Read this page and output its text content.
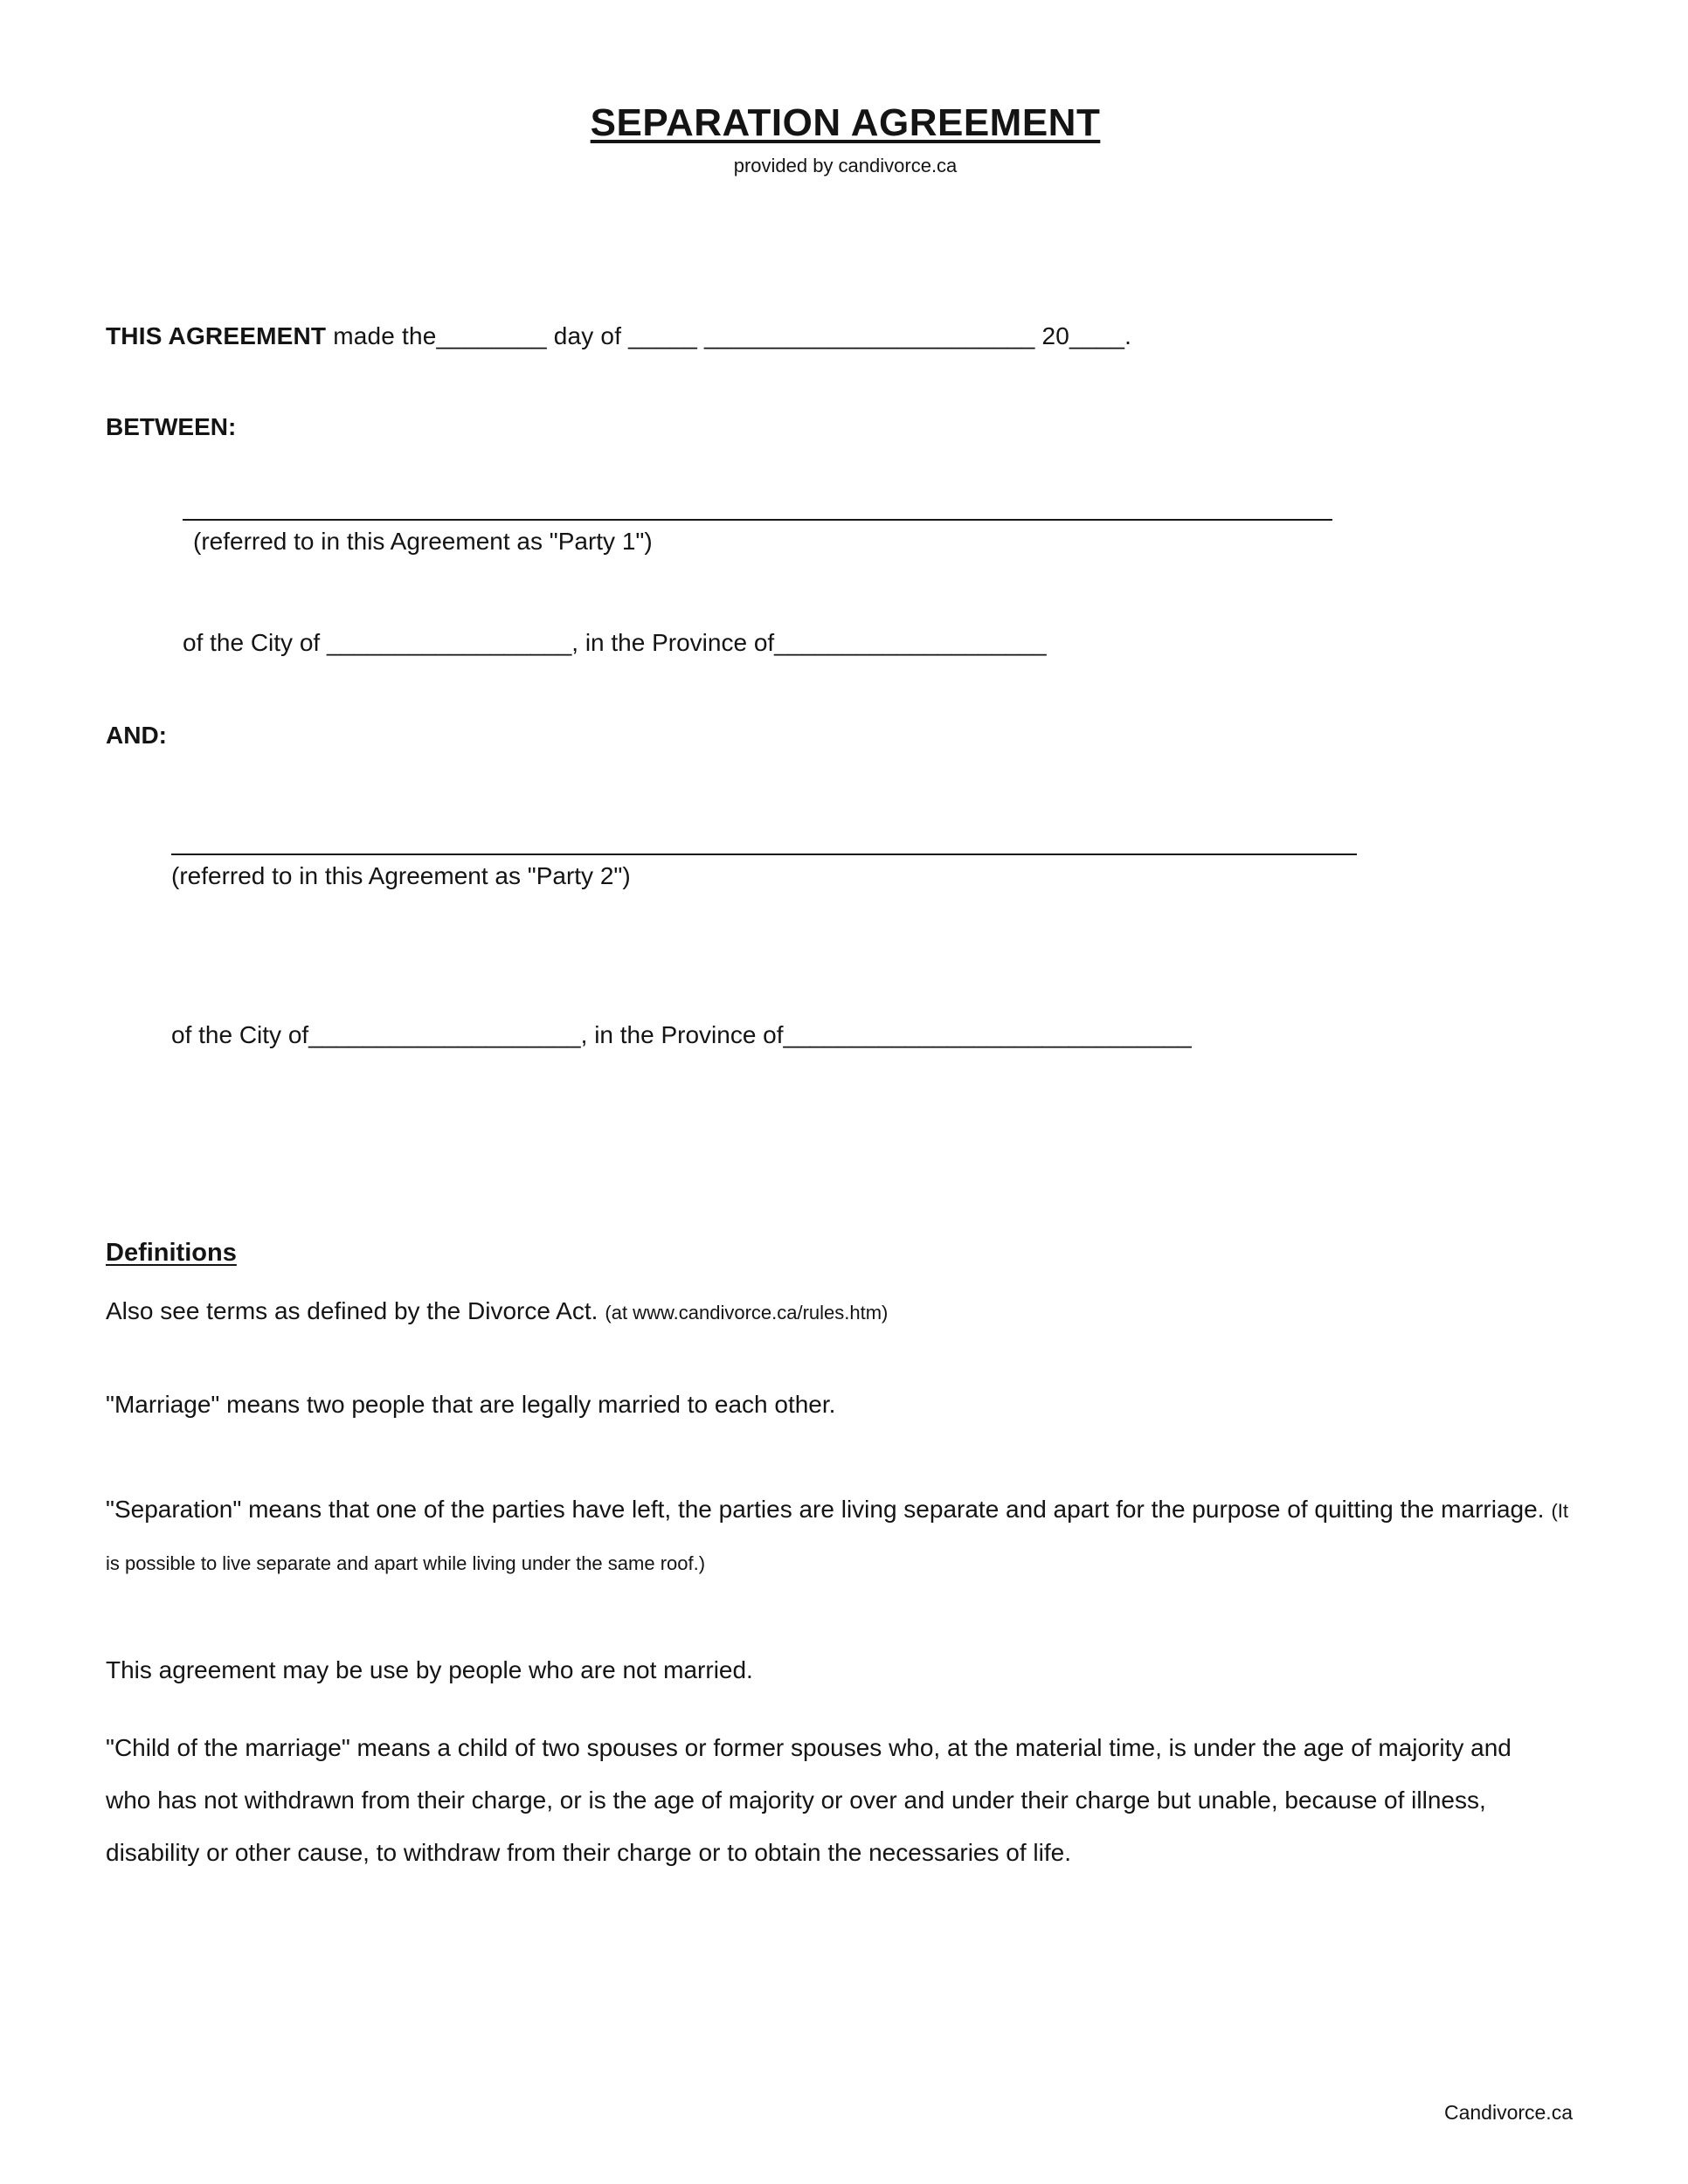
SEPARATION AGREEMENT
provided by candivorce.ca

THIS AGREEMENT made the________ day of _____ ________________________ 20____.

BETWEEN:

(referred to in this Agreement as "Party 1")

of the City of __________________, in the Province of____________________

AND:

(referred to in this Agreement as "Party 2")

of the City of____________________, in the Province of______________________________

Definitions

Also see terms as defined by the Divorce Act. (at www.candivorce.ca/rules.htm)

"Marriage" means two people that are legally married to each other.

"Separation" means that one of the parties have left, the parties are living separate and apart for the purpose of quitting the marriage. (It is possible to live separate and apart while living under the same roof.)

This agreement may be use by people who are not married.

"Child of the marriage" means a child of two spouses or former spouses who, at the material time, is under the age of majority and who has not withdrawn from their charge, or is the age of majority or over and under their charge but unable, because of illness, disability or other cause, to withdraw from their charge or to obtain the necessaries of life.

Candivorce.ca
